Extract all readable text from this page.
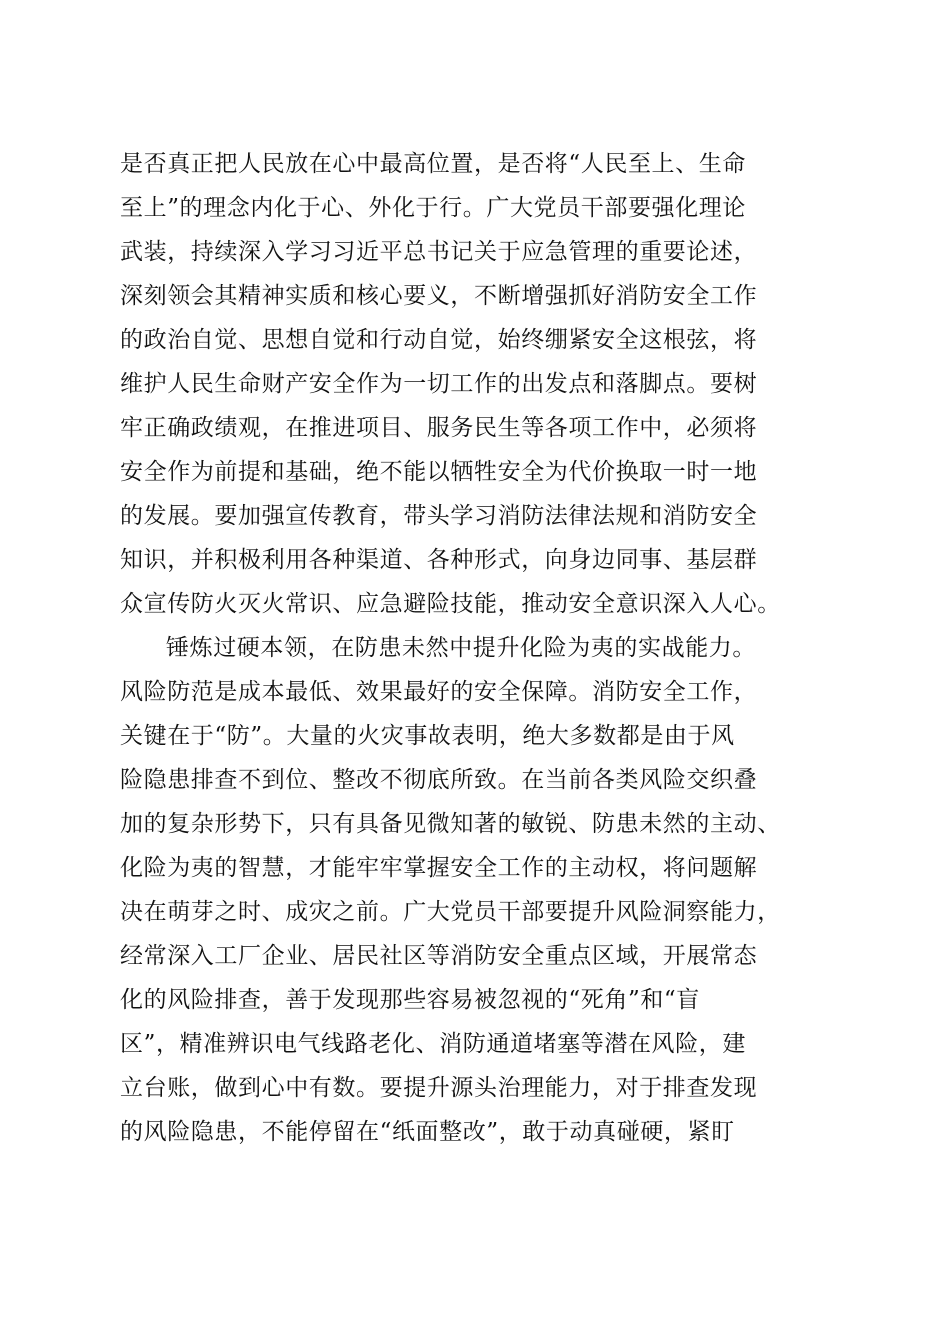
是否真正把人民放在心中最高位置，是否将“人民至上、生命
至上”的理念内化于心、外化于行。广大党员干部要强化理论
武装，持续深入学习习近平总书记关于应急管理的重要论述，
深刻领会其精神实质和核心要义，不断增强抓好消防安全工作
的政治自觉、思想自觉和行动自觉，始终绷紧安全这根弦，将
维护人民生命财产安全作为一切工作的出发点和落脚点。要树
牢正确政绩观，在推进项目、服务民生等各项工作中，必须将
安全作为前提和基础，绝不能以牺牲安全为代价换取一时一地
的发展。要加强宣传教育，带头学习消防法律法规和消防安全
知识，并积极利用各种渠道、各种形式，向身边同事、基层群
众宣传防火灭火常识、应急避险技能，推动安全意识深入人心。
锤炼过硬本领，在防患未然中提升化险为夷的实战能力。
风险防范是成本最低、效果最好的安全保障。消防安全工作，
关键在于“防”。大量的火灾事故表明，绝大多数都是由于风
险隐患排查不到位、整改不彻底所致。在当前各类风险交织叠
加的复杂形势下，只有具备见微知著的敏锐、防患未然的主动、
化险为夷的智慧，才能牢牢掌握安全工作的主动权，将问题解
决在萌芽之时、成灾之前。广大党员干部要提升风险洞察能力，
经常深入工厂企业、居民社区等消防安全重点区域，开展常态
化的风险排查，善于发现那些容易被忽视的“死角”和“盲
区”，精准辨识电气线路老化、消防通道堵塞等潜在风险，建
立台账，做到心中有数。要提升源头治理能力，对于排查发现
的风险隐患，不能停留在“纸面整改”，敢于动真碰硬，紧盯
